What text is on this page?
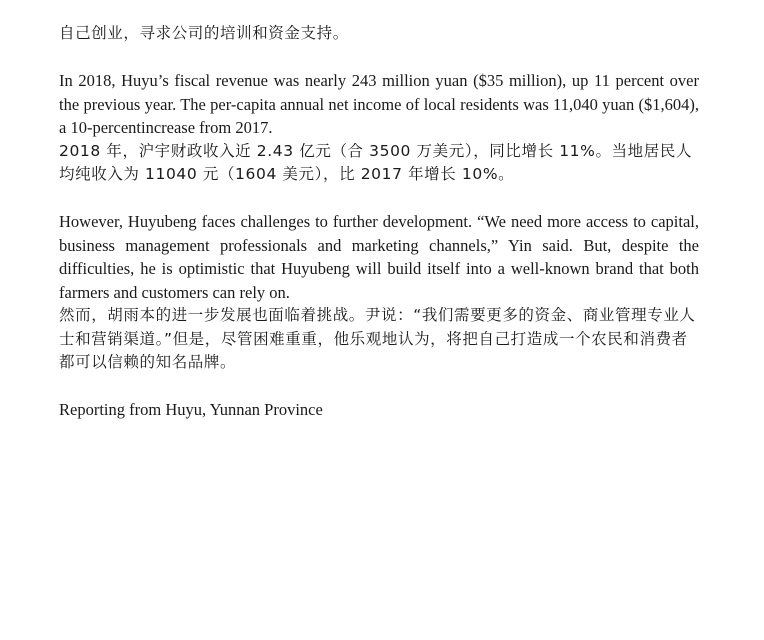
自己创业，寻求公司的培训和资金支持。

In 2018, Huyu’s fiscal revenue was nearly 243 million yuan ($35 million), up 11 percent over the previous year. The per-capita annual net income of local residents was 11,040 yuan ($1,604), a 10-percentincrease from 2017.

2018 年，沪宇财政收入近 2.43 亿元（合 3500 万美元），同比增长 11%。当地居民人均纯收入为 11040 元（1604 美元），比 2017 年增长 10%。

However, Huyubeng faces challenges to further development. “We need more access to capital, business management professionals and marketing channels,” Yin said. But, despite the difficulties, he is optimistic that Huyubeng will build itself into a well-known brand that both farmers and customers can rely on.

然而，胡雨本的进一步发展也面临着挑战。尹说：“我们需要更多的资金、商业管理专业人士和营销渠道。”但是，尽管困难重重，他乐观地认为，将把自己打造成一个农民和消费者都可以信赖的知名品牌。

Reporting from Huyu, Yunnan Province
